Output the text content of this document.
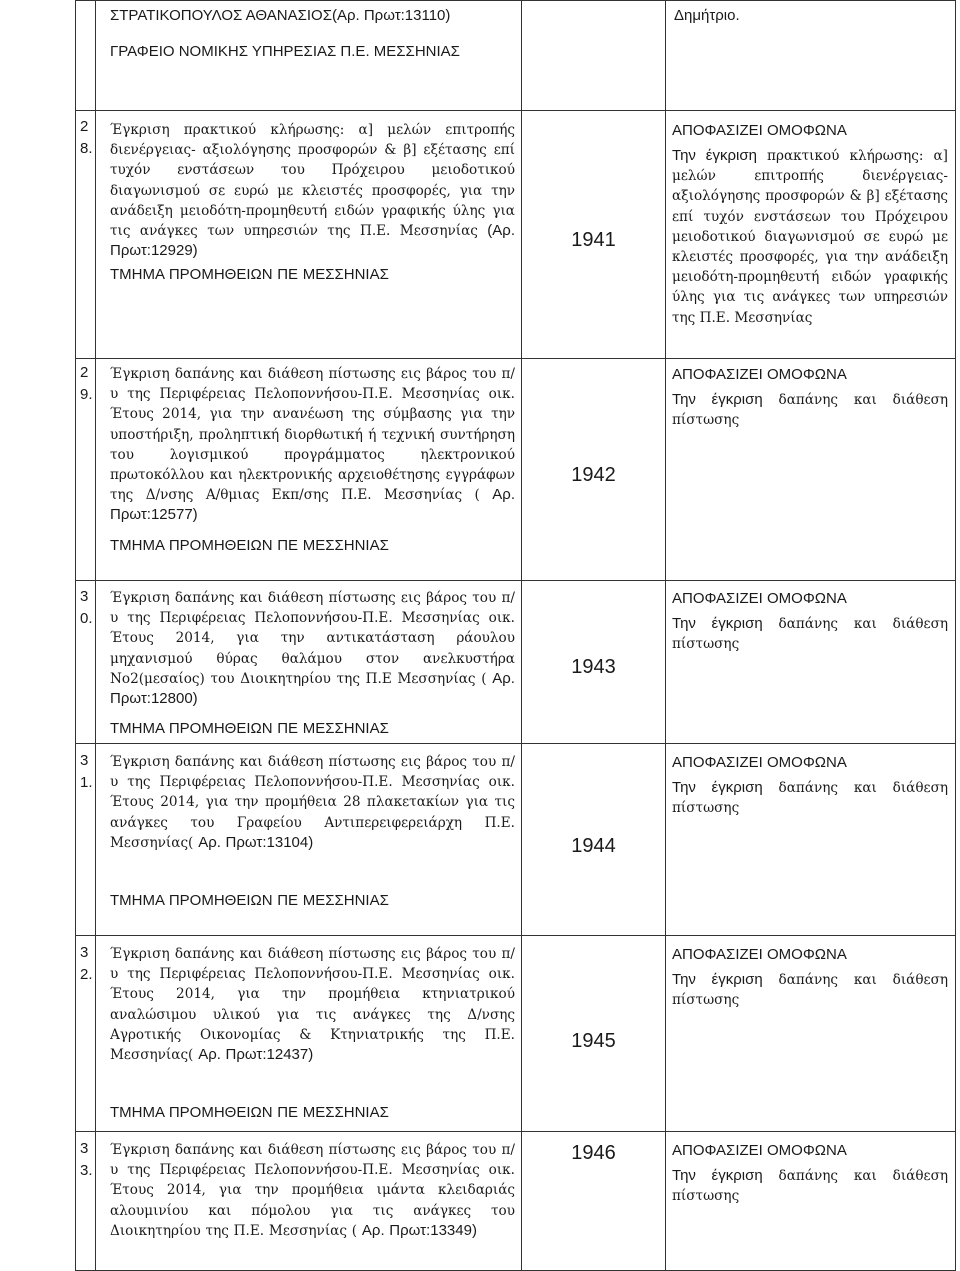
ΣΤΡΑΤΙΚΟΠΟΥΛΟΣ ΑΘΑΝΑΣΙΟΣ(Αρ. Πρωτ:13110)
ΓΡΑΦΕΙΟ ΝΟΜΙΚΗΣ ΥΠΗΡΕΣΙΑΣ Π.Ε. ΜΕΣΣΗΝΙΑΣ
Δημήτριο.
2
8.
Έγκριση πρακτικού κλήρωσης: α] μελών επιτροπής διενέργειας- αξιολόγησης προσφορών & β] εξέτασης επί τυχόν ενστάσεων του Πρόχειρου μειοδοτικού διαγωνισμού σε ευρώ με κλειστές προσφορές, για την ανάδειξη μειοδότη-προμηθευτή ειδών γραφικής ύλης για τις ανάγκες των υπηρεσιών της Π.Ε. Μεσσηνίας (Αρ. Πρωτ:12929)
ΤΜΗΜΑ ΠΡΟΜΗΘΕΙΩΝ ΠΕ ΜΕΣΣΗΝΙΑΣ
1941
ΑΠΟΦΑΣΙΖΕΙ ΟΜΟΦΩΝΑ
Την έγκριση πρακτικού κλήρωσης: α] μελών επιτροπής διενέργειας- αξιολόγησης προσφορών & β] εξέτασης επί τυχόν ενστάσεων του Πρόχειρου μειοδοτικού διαγωνισμού σε ευρώ με κλειστές προσφορές, για την ανάδειξη μειοδότη-προμηθευτή ειδών γραφικής ύλης για τις ανάγκες των υπηρεσιών της Π.Ε. Μεσσηνίας
2
9.
Έγκριση δαπάνης και διάθεση πίστωσης εις βάρος του π/υ της Περιφέρειας Πελοποννήσου-Π.Ε. Μεσσηνίας οικ. Έτους 2014, για την ανανέωση της σύμβασης για την υποστήριξη, προληπτική διορθωτική ή τεχνική συντήρηση του λογισμικού προγράμματος ηλεκτρονικού πρωτοκόλλου και ηλεκτρονικής αρχειοθέτησης εγγράφων της Δ/νσης Α/θμιας Εκπ/σης Π.Ε. Μεσσηνίας ( Αρ. Πρωτ:12577)
ΤΜΗΜΑ ΠΡΟΜΗΘΕΙΩΝ ΠΕ ΜΕΣΣΗΝΙΑΣ
1942
ΑΠΟΦΑΣΙΖΕΙ ΟΜΟΦΩΝΑ
Την έγκριση δαπάνης και διάθεση πίστωσης
3
0.
Έγκριση δαπάνης και διάθεση πίστωσης εις βάρος του π/υ της Περιφέρειας Πελοποννήσου-Π.Ε. Μεσσηνίας οικ. Έτους 2014, για την αντικατάσταση ράουλου μηχανισμού θύρας θαλάμου στον ανελκυστήρα Νο2(μεσαίος) του Διοικητηρίου της Π.Ε Μεσσηνίας ( Αρ. Πρωτ:12800)
ΤΜΗΜΑ ΠΡΟΜΗΘΕΙΩΝ ΠΕ ΜΕΣΣΗΝΙΑΣ
1943
ΑΠΟΦΑΣΙΖΕΙ ΟΜΟΦΩΝΑ
Την έγκριση δαπάνης και διάθεση πίστωσης
3
1.
Έγκριση δαπάνης και διάθεση πίστωσης εις βάρος του π/υ της Περιφέρειας Πελοποννήσου-Π.Ε. Μεσσηνίας οικ. Έτους 2014, για την προμήθεια 28 πλακετακίων για τις ανάγκες του Γραφείου Αντιπερειφερειάρχη Π.Ε. Μεσσηνίας( Αρ. Πρωτ:13104)
ΤΜΗΜΑ ΠΡΟΜΗΘΕΙΩΝ ΠΕ ΜΕΣΣΗΝΙΑΣ
1944
ΑΠΟΦΑΣΙΖΕΙ ΟΜΟΦΩΝΑ
Την έγκριση δαπάνης και διάθεση πίστωσης
3
2.
Έγκριση δαπάνης και διάθεση πίστωσης εις βάρος του π/υ της Περιφέρειας Πελοποννήσου-Π.Ε. Μεσσηνίας οικ. Έτους 2014, για την προμήθεια κτηνιατρικού αναλώσιμου υλικού για τις ανάγκες της Δ/νσης Αγροτικής Οικονομίας & Κτηνιατρικής της Π.Ε. Μεσσηνίας( Αρ. Πρωτ:12437)
ΤΜΗΜΑ ΠΡΟΜΗΘΕΙΩΝ ΠΕ ΜΕΣΣΗΝΙΑΣ
1945
ΑΠΟΦΑΣΙΖΕΙ ΟΜΟΦΩΝΑ
Την έγκριση δαπάνης και διάθεση πίστωσης
3
3.
Έγκριση δαπάνης και διάθεση πίστωσης εις βάρος του π/υ της Περιφέρειας Πελοποννήσου-Π.Ε. Μεσσηνίας οικ. Έτους 2014, για την προμήθεια ιμάντα κλειδαριάς αλουμινίου και πόμολου για τις ανάγκες του Διοικητηρίου της Π.Ε. Μεσσηνίας ( Αρ. Πρωτ:13349)
1946	ΑΠΟΦΑΣΙΖΕΙ ΟΜΟΦΩΝΑ
Την έγκριση δαπάνης και διάθεση πίστωσης
